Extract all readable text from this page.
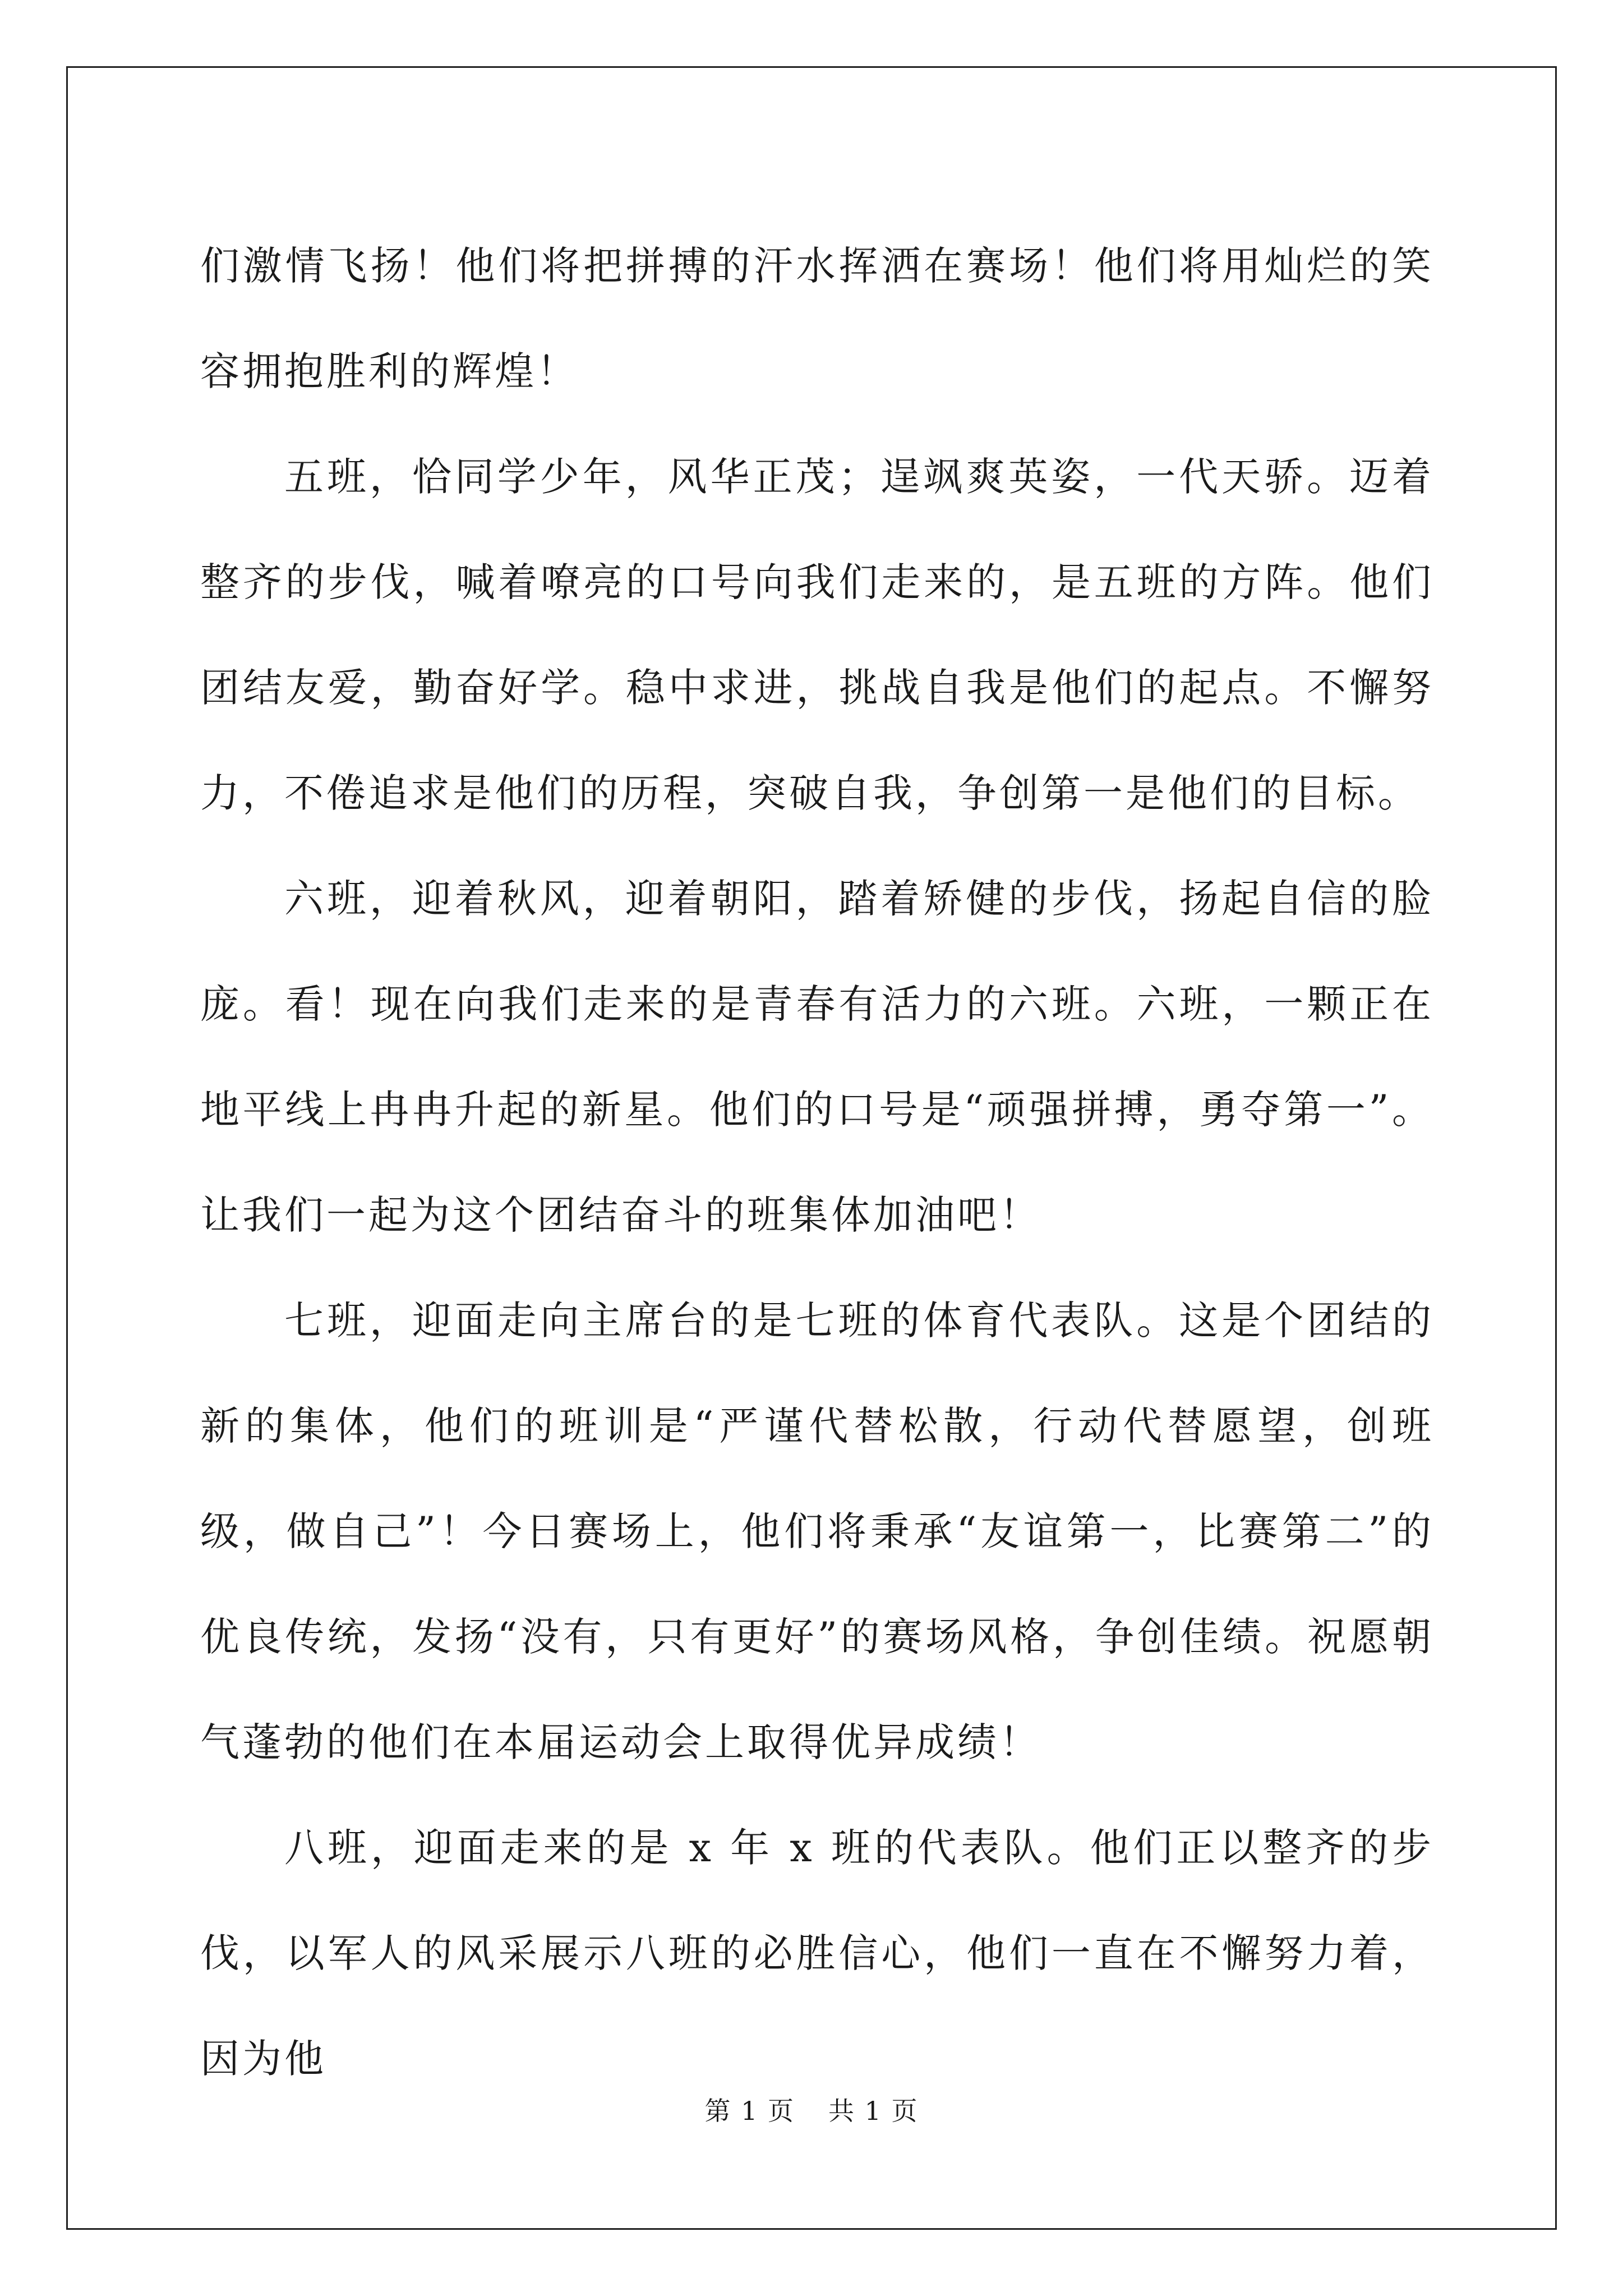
们激情飞扬！他们将把拼搏的汗水挥洒在赛场！他们将用灿烂的笑容拥抱胜利的辉煌！

五班，恰同学少年，风华正茂；逞飒爽英姿，一代天骄。迈着整齐的步伐，喊着嘹亮的口号向我们走来的，是五班的方阵。他们团结友爱，勤奋好学。稳中求进，挑战自我是他们的起点。不懈努力，不倦追求是他们的历程，突破自我，争创第一是他们的目标。

六班，迎着秋风，迎着朝阳，踏着矫健的步伐，扬起自信的脸庞。看！现在向我们走来的是青春有活力的六班。六班，一颗正在地平线上冉冉升起的新星。他们的口号是“顽强拼搏，勇夺第一”。让我们一起为这个团结奋斗的班集体加油吧！

七班，迎面走向主席台的是七班的体育代表队。这是个团结的新的集体，他们的班训是“严谨代替松散，行动代替愿望，创班级，做自己”！今日赛场上，他们将秉承“友谊第一，比赛第二”的优良传统，发扬“没有，只有更好”的赛场风格，争创佳绩。祝愿朝气蓬勃的他们在本届运动会上取得优异成绩！

八班，迎面走来的是 x 年 x 班的代表队。他们正以整齐的步伐，以军人的风采展示八班的必胜信心，他们一直在不懈努力着，因为他

第 1 页 共 1 页
